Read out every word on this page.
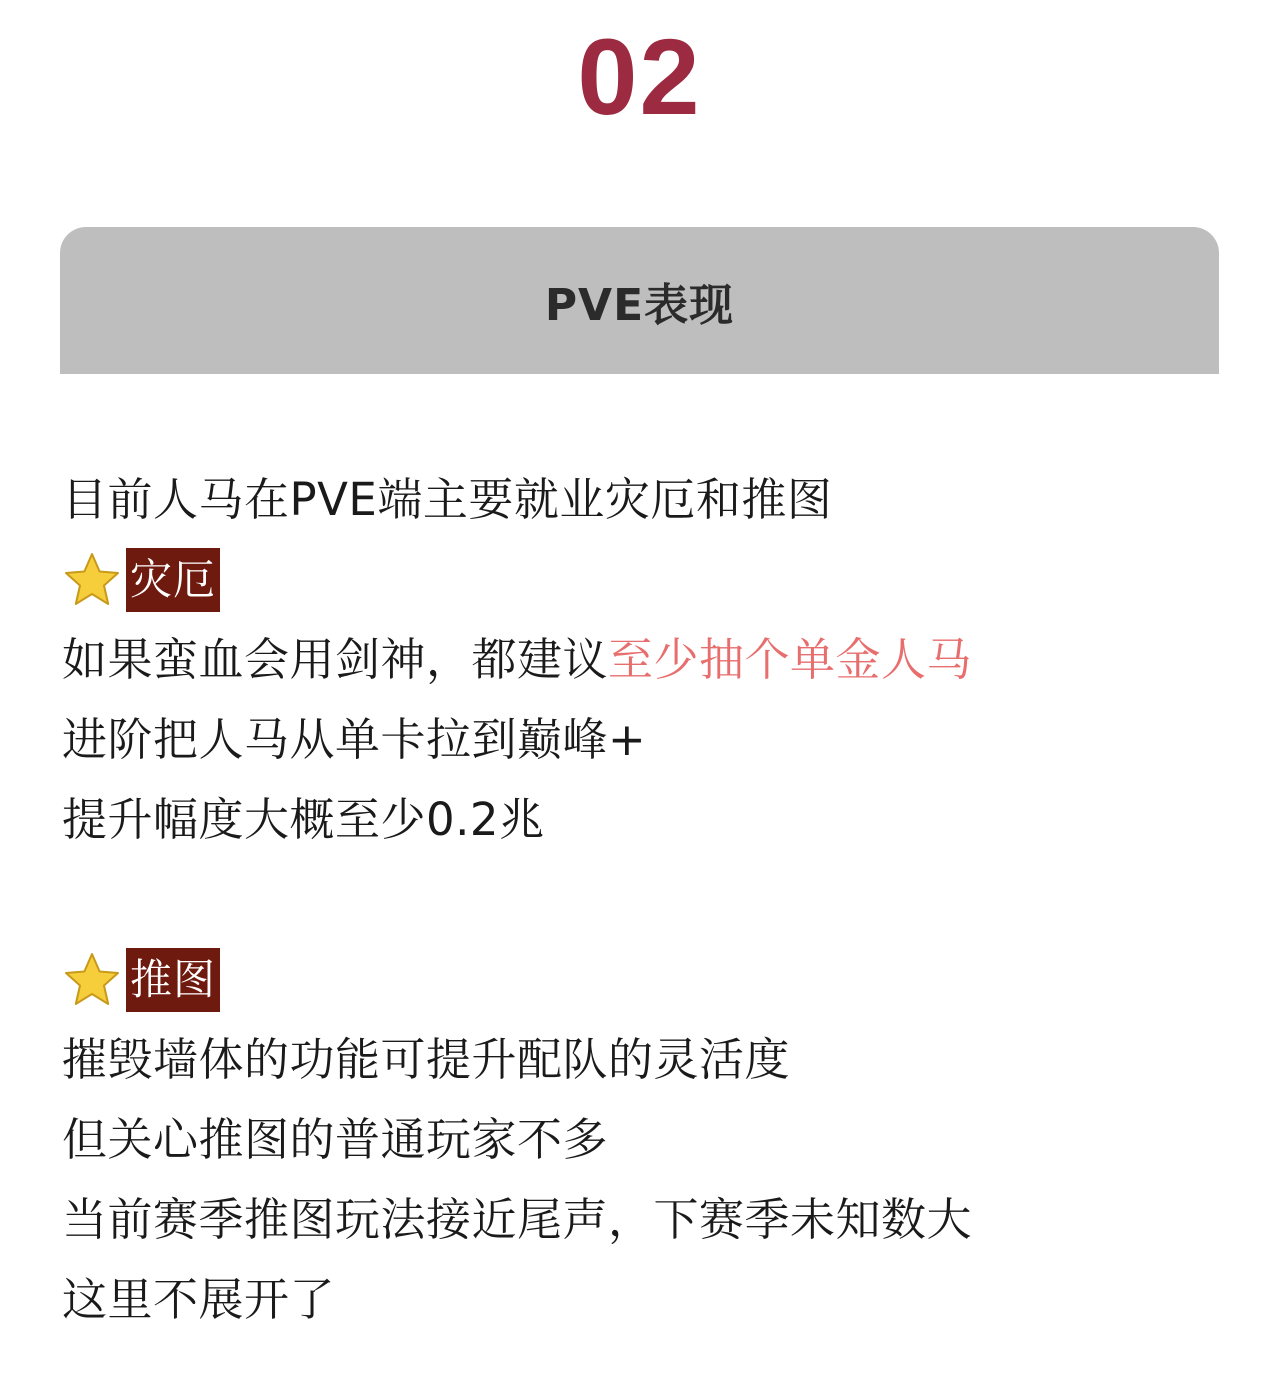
02
PVE表现
目前人马在PVE端主要就业灾厄和推图
灾厄
如果蛮血会用剑神，都建议至少抽个单金人马
进阶把人马从单卡拉到巅峰+
提升幅度大概至少0.2兆
推图
摧毁墙体的功能可提升配队的灵活度
但关心推图的普通玩家不多
当前赛季推图玩法接近尾声，下赛季未知数大
这里不展开了
